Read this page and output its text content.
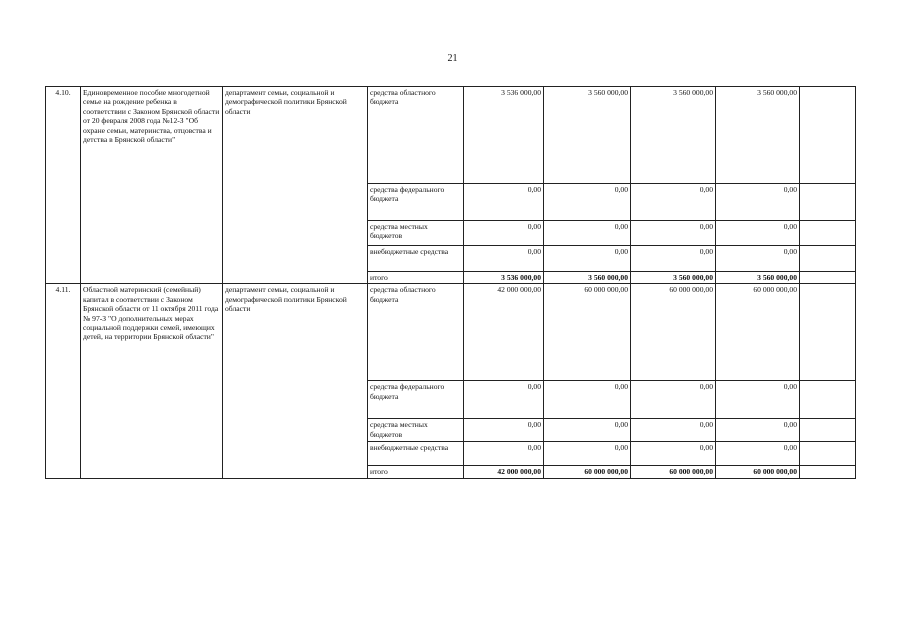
21
4.10.	Единовременное пособие многодетной семье на рождение ребенка в соответствии с Законом Брянской области от 20 февраля 2008 года №12-З "Об охране семьи, материнства, отцовства и детства в Брянской области"	департамент семьи, социальной и демографической политики Брянской области	средства областного бюджета	3 536 000,00	3 560 000,00	3 560 000,00	3 560 000,00	
			средства федерального бюджета	0,00	0,00	0,00	0,00	
			средства местных бюджетов	0,00	0,00	0,00	0,00	
			внебюджетные средства	0,00	0,00	0,00	0,00	
			итого	3 536 000,00	3 560 000,00	3 560 000,00	3 560 000,00	
4.11.	Областной материнский (семейный) капитал в соответствии с Законом Брянской области от 11 октября 2011 года № 97-З "О дополнительных мерах социальной поддержки семей, имеющих детей, на территории Брянской области"	департамент семьи, социальной и демографической политики Брянской области	средства областного бюджета	42 000 000,00	60 000 000,00	60 000 000,00	60 000 000,00	
			средства федерального бюджета	0,00	0,00	0,00	0,00	
			средства местных бюджетов	0,00	0,00	0,00	0,00	
			внебюджетные средства	0,00	0,00	0,00	0,00	
			итого	42 000 000,00	60 000 000,00	60 000 000,00	60 000 000,00	
